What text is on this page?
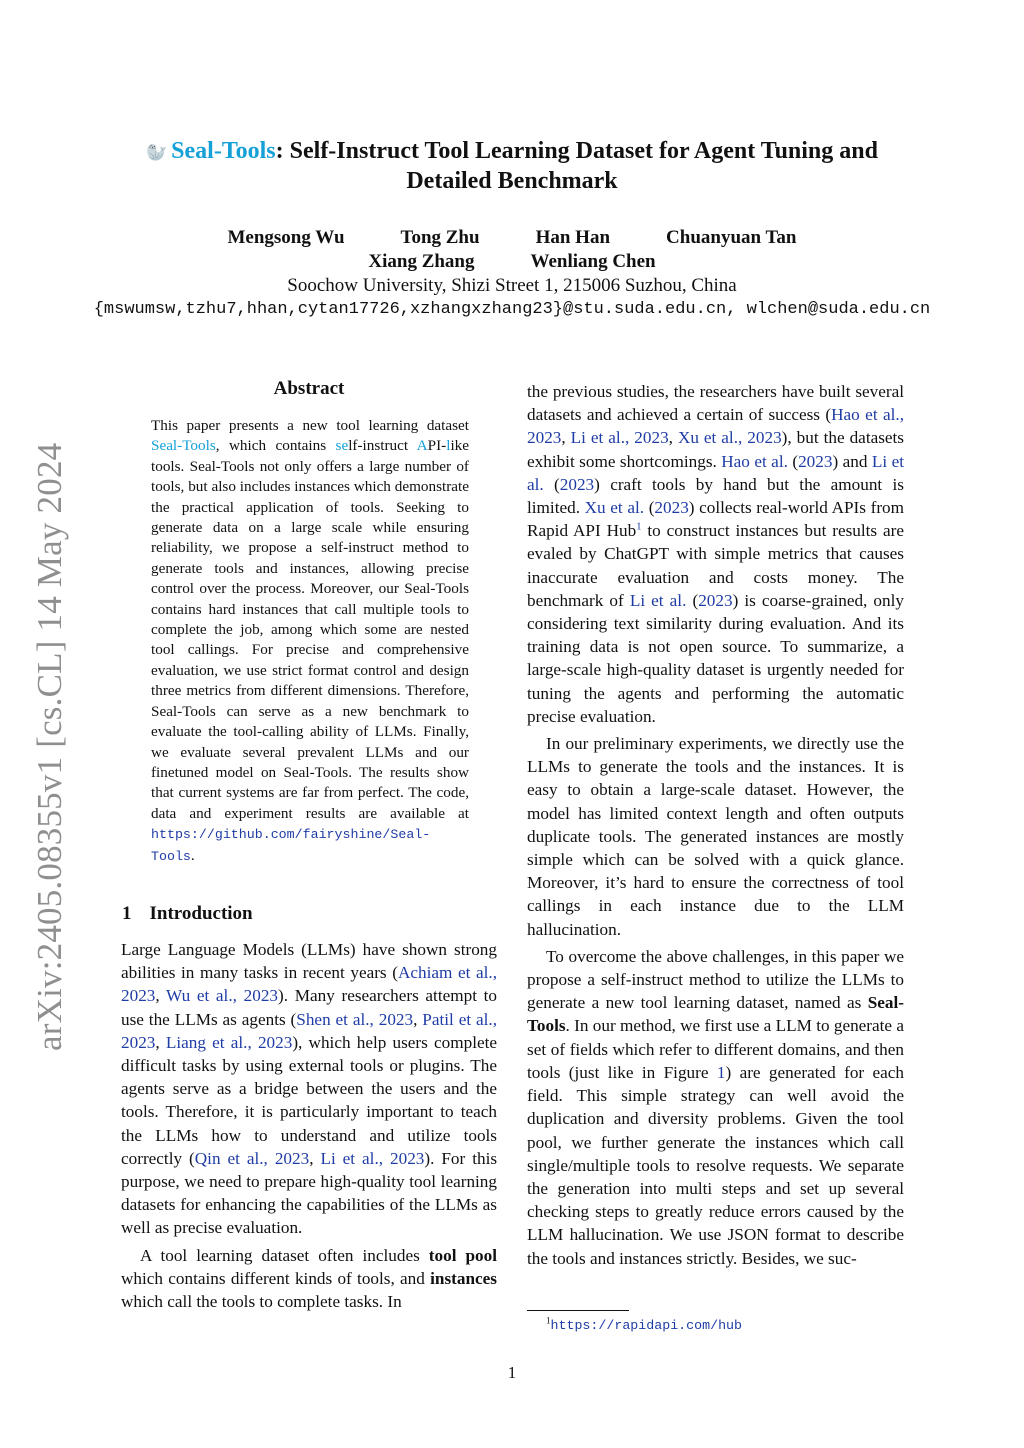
🦭 Seal-Tools: Self-Instruct Tool Learning Dataset for Agent Tuning and
Detailed Benchmark
Mengsong Wu	Tong Zhu	Han Han	Chuanyuan Tan
Xiang Zhang	Wenliang Chen
Soochow University, Shizi Street 1, 215006 Suzhou, China
{mswumsw,tzhu7,hhan,cytan17726,xzhangxzhang23}@stu.suda.edu.cn, wlchen@suda.edu.cn
arXiv:2405.08355v1 [cs.CL] 14 May 2024
Abstract
This paper presents a new tool learning dataset Seal-Tools, which contains self-instruct API-like tools. Seal-Tools not only offers a large number of tools, but also includes instances which demonstrate the practical application of tools. Seeking to generate data on a large scale while ensuring reliability, we propose a self-instruct method to generate tools and instances, allowing precise control over the process. Moreover, our Seal-Tools contains hard instances that call multiple tools to complete the job, among which some are nested tool callings. For precise and comprehensive evaluation, we use strict format control and design three metrics from different dimensions. Therefore, Seal-Tools can serve as a new benchmark to evaluate the tool-calling ability of LLMs. Finally, we evaluate several prevalent LLMs and our finetuned model on Seal-Tools. The results show that current systems are far from perfect. The code, data and experiment results are available at https://github.com/fairyshine/Seal-Tools.
1 Introduction

Large Language Models (LLMs) have shown strong abilities in many tasks in recent years (Achiam et al., 2023, Wu et al., 2023). Many researchers attempt to use the LLMs as agents (Shen et al., 2023, Patil et al., 2023, Liang et al., 2023), which help users complete difficult tasks by using external tools or plugins. The agents serve as a bridge between the users and the tools. Therefore, it is particularly important to teach the LLMs how to understand and utilize tools correctly (Qin et al., 2023, Li et al., 2023). For this purpose, we need to prepare high-quality tool learning datasets for enhancing the capabilities of the LLMs as well as precise evaluation.

A tool learning dataset often includes tool pool which contains different kinds of tools, and instances which call the tools to complete tasks. In

the previous studies, the researchers have built several datasets and achieved a certain of success (Hao et al., 2023, Li et al., 2023, Xu et al., 2023), but the datasets exhibit some shortcomings. Hao et al. (2023) and Li et al. (2023) craft tools by hand but the amount is limited. Xu et al. (2023) collects real-world APIs from Rapid API Hub$^1$ to construct instances but results are evaled by ChatGPT with simple metrics that causes inaccurate evaluation and costs money. The benchmark of Li et al. (2023) is coarse-grained, only considering text similarity during evaluation. And its training data is not open source. To summarize, a large-scale high-quality dataset is urgently needed for tuning the agents and performing the automatic precise evaluation.

In our preliminary experiments, we directly use the LLMs to generate the tools and the instances. It is easy to obtain a large-scale dataset. However, the model has limited context length and often outputs duplicate tools. The generated instances are mostly simple which can be solved with a quick glance. Moreover, it’s hard to ensure the correctness of tool callings in each instance due to the LLM hallucination.

To overcome the above challenges, in this paper we propose a self-instruct method to utilize the LLMs to generate a new tool learning dataset, named as Seal-Tools. In our method, we first use a LLM to generate a set of fields which refer to different domains, and then tools (just like in Figure 1) are generated for each field. This simple strategy can well avoid the duplication and diversity problems. Given the tool pool, we further generate the instances which call single/multiple tools to resolve requests. We separate the generation into multi steps and set up several checking steps to greatly reduce errors caused by the LLM hallucination. We use JSON format to describe the tools and instances strictly. Besides, we suc-

$^1$https://rapidapi.com/hub
1
